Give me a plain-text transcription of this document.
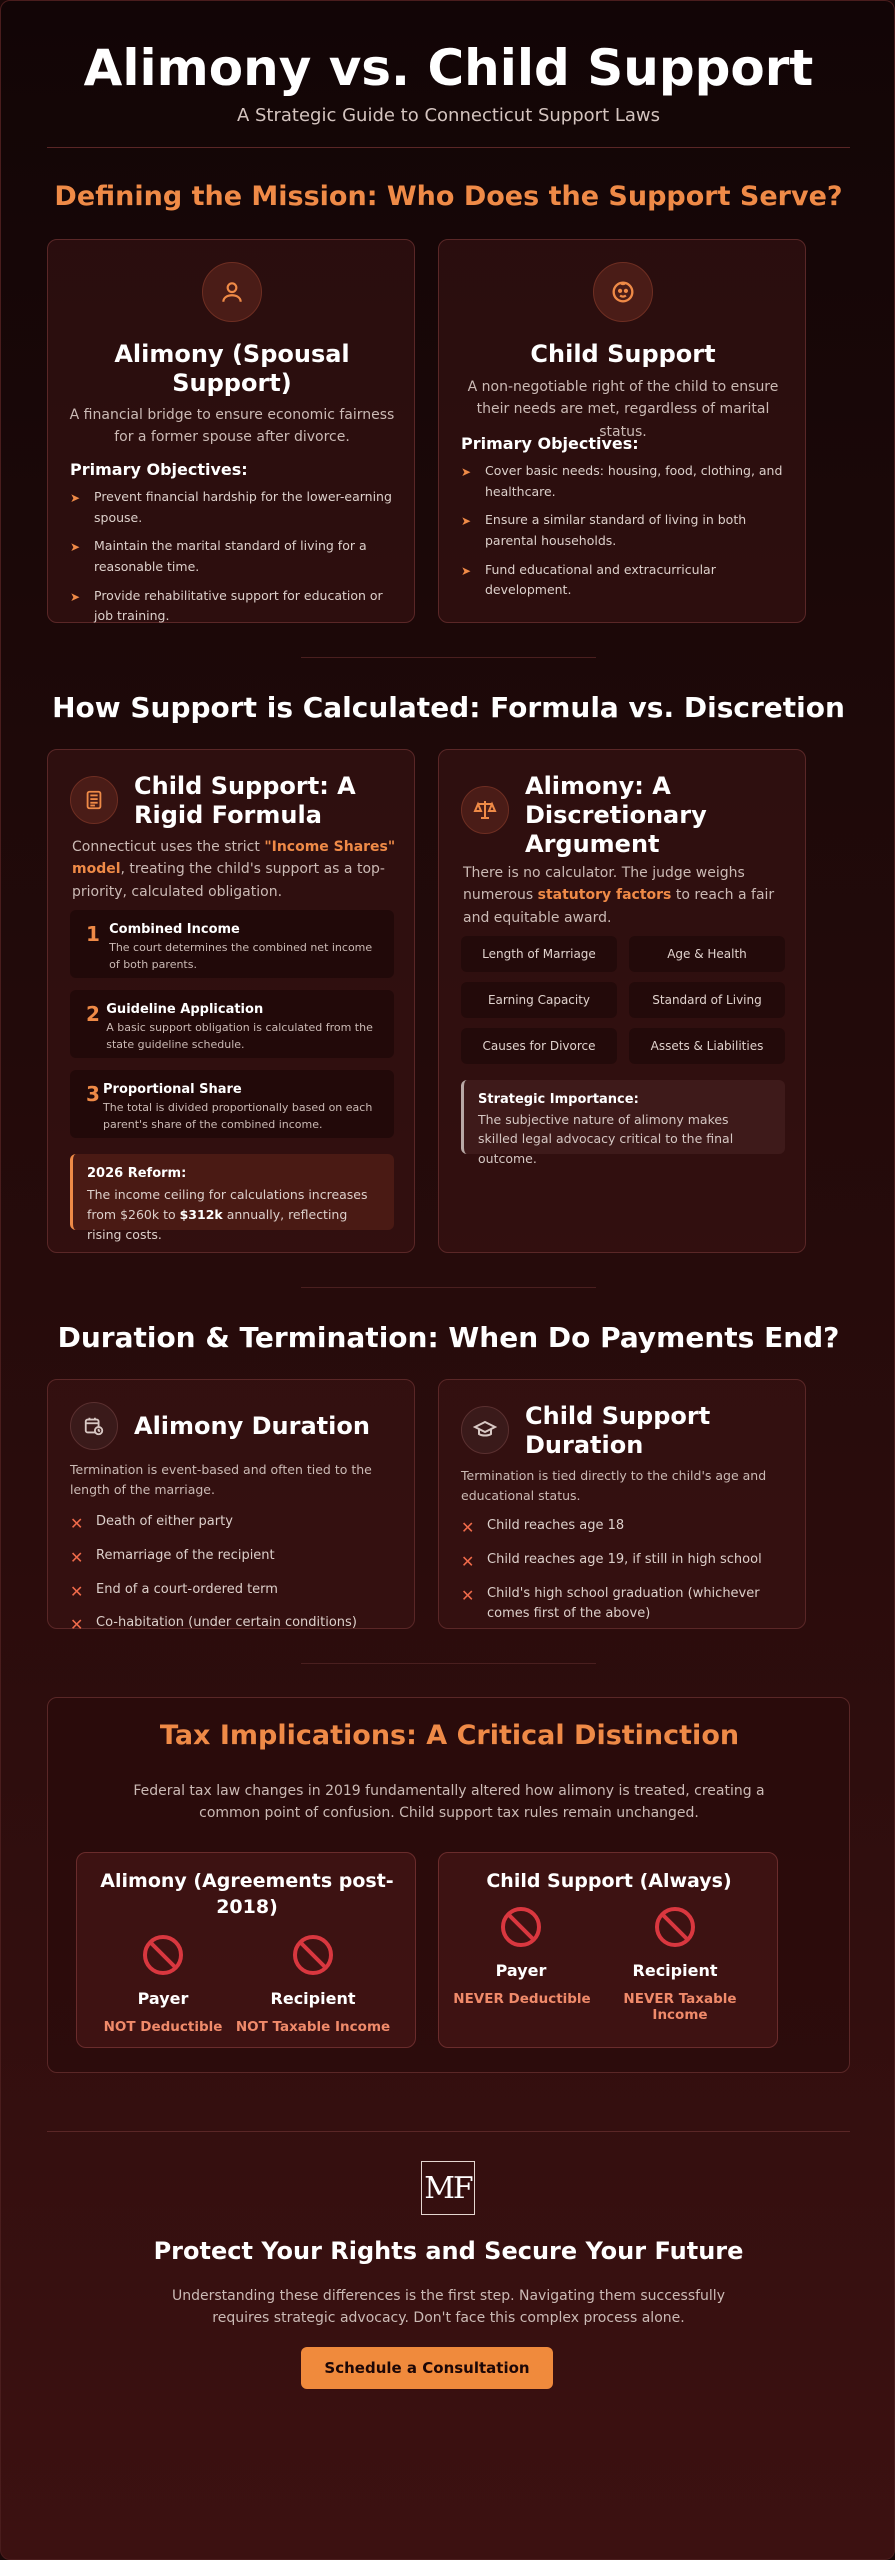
Alimony vs. Child Support
A Strategic Guide to Connecticut Support Laws
Defining the Mission: Who Does the Support Serve?
Alimony (Spousal Support)
A financial bridge to ensure economic fairness for a former spouse after divorce.
Primary Objectives:
➤	Prevent financial hardship for the lower-earning spouse.
➤	Maintain the marital standard of living for a reasonable time.
➤	Provide rehabilitative support for education or job training.
Child Support
A non-negotiable right of the child to ensure their needs are met, regardless of marital status.
Primary Objectives:
➤	Cover basic needs: housing, food, clothing, and healthcare.
➤	Ensure a similar standard of living in both parental households.
➤	Fund educational and extracurricular development.
How Support is Calculated: Formula vs. Discretion
Child Support: A Rigid Formula
Connecticut uses the strict "Income Shares" model, treating the child's support as a top-priority, calculated obligation.
1 Combined Income
The court determines the combined net income of both parents.
2 Guideline Application
A basic support obligation is calculated from the state guideline schedule.
3 Proportional Share
The total is divided proportionally based on each parent's share of the combined income.
2026 Reform:
The income ceiling for calculations increases from $260k to $312k annually, reflecting rising costs.
Alimony: A Discretionary Argument
There is no calculator. The judge weighs numerous statutory factors to reach a fair and equitable award.
Length of Marriage	Age & Health
Earning Capacity	Standard of Living
Causes for Divorce	Assets & Liabilities
Strategic Importance:
The subjective nature of alimony makes skilled legal advocacy critical to the final outcome.
Duration & Termination: When Do Payments End?
Alimony Duration
Termination is event-based and often tied to the length of the marriage.
✕ Death of either party
✕ Remarriage of the recipient
✕ End of a court-ordered term
✕ Co-habitation (under certain conditions)
Child Support Duration
Termination is tied directly to the child's age and educational status.
✕ Child reaches age 18
✕ Child reaches age 19, if still in high school
✕ Child's high school graduation (whichever comes first of the above)
Tax Implications: A Critical Distinction
Federal tax law changes in 2019 fundamentally altered how alimony is treated, creating a common point of confusion. Child support tax rules remain unchanged.
Alimony (Agreements post-2018)
Payer	Recipient
NOT Deductible NOT Taxable Income
Child Support (Always)
Payer	Recipient
NEVER Deductible	NEVER Taxable Income
MF
Protect Your Rights and Secure Your Future
Understanding these differences is the first step. Navigating them successfully requires strategic advocacy. Don't face this complex process alone.
Schedule a Consultation
